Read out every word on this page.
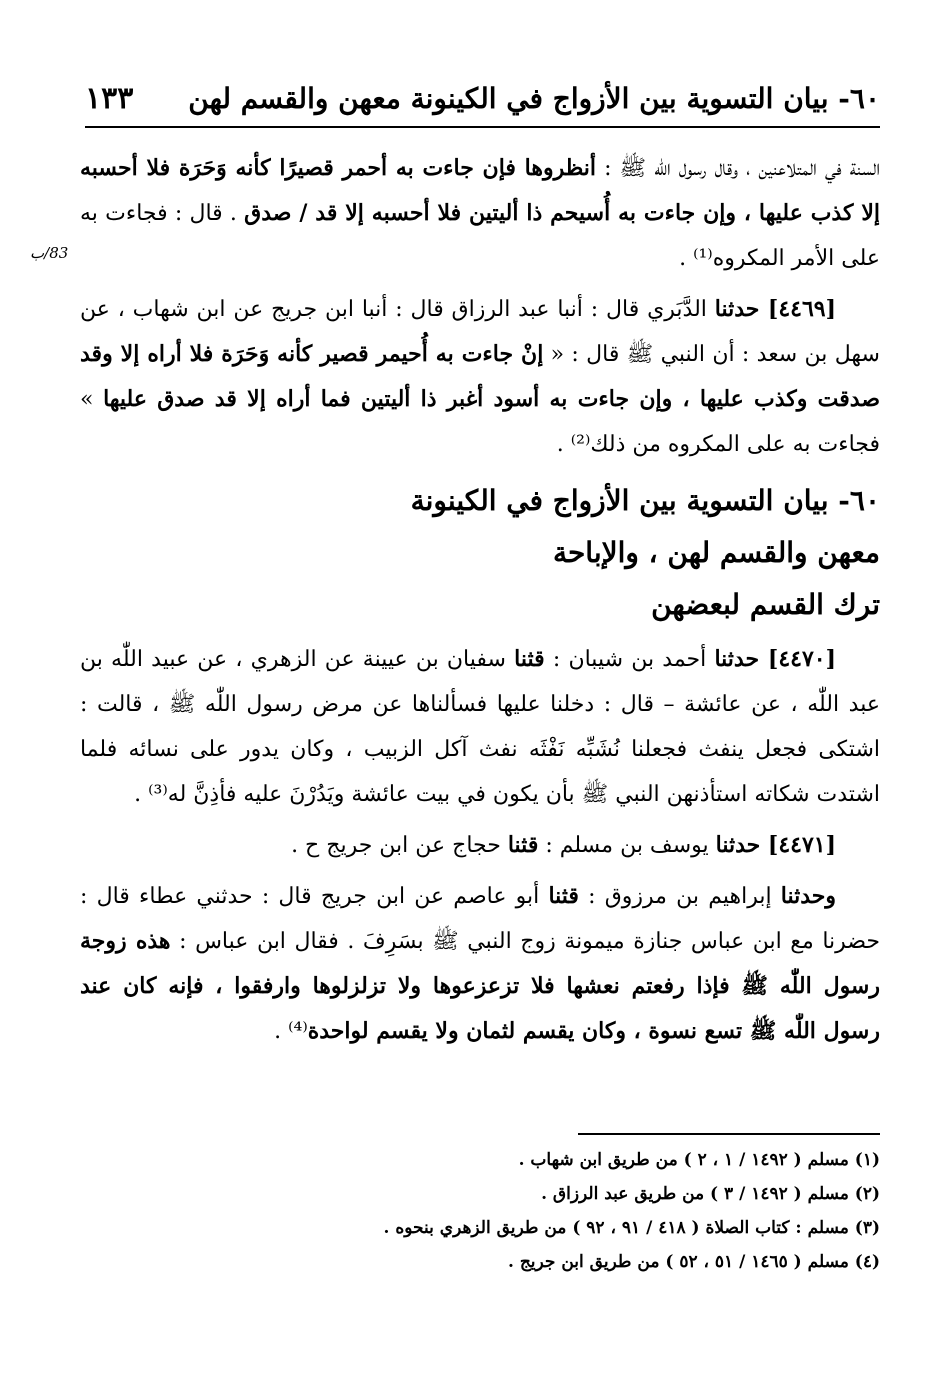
٦٠- بيان التسوية بين الأزواج في الكينونة معهن والقسم لهن
١٣٣
83/ب

السنة في المتلاعنين ، وقال رسول اللّٰه ﷺ : أنظروها فإن جاءت به أحمر قصيرًا كأنه وَحَرَة فلا أحسبه إلا كذب عليها ، وإن جاءت به أُسيحم ذا أليتين فلا أحسبه إلا قد / صدق . قال : فجاءت به على الأمر المكروه⁽¹⁾ .

[٤٤٦٩] حدثنا الدَّبَري قال : أنبا عبد الرزاق قال : أنبا ابن جريج عن ابن شهاب ، عن سهل بن سعد : أن النبي ﷺ قال : « إنْ جاءت به أُحيمر قصير كأنه وَحَرَة فلا أراه إلا وقد صدقت وكذب عليها ، وإن جاءت به أسود أغبر ذا أليتين فما أراه إلا قد صدق عليها » فجاءت به على المكروه من ذلك⁽²⁾ .

٦٠- بيان التسوية بين الأزواج في الكينونة
معهن والقسم لهن ، والإباحة
ترك القسم لبعضهن

[٤٤٧٠] حدثنا أحمد بن شيبان : قثنا سفيان بن عيينة عن الزهري ، عن عبيد اللّٰه بن عبد اللّٰه ، عن عائشة – قال : دخلنا عليها فسألناها عن مرض رسول اللّٰه ﷺ ، قالت : اشتكى فجعل ينفث فجعلنا نُشَبِّه نَفْثَه نفث آكل الزبيب ، وكان يدور على نسائه فلما اشتدت شكاته استأذنهن النبي ﷺ بأن يكون في بيت عائشة ويَدُرْنَ عليه فأذِنَّ له⁽³⁾ .

[٤٤٧١] حدثنا يوسف بن مسلم : قثنا حجاج عن ابن جريج ح .

وحدثنا إبراهيم بن مرزوق : قثنا أبو عاصم عن ابن جريج قال : حدثني عطاء قال : حضرنا مع ابن عباس جنازة ميمونة زوج النبي ﷺ بسَرِفَ . فقال ابن عباس : هذه زوجة رسول اللّٰه ﷺ فإذا رفعتم نعشها فلا تزعزعوها ولا تزلزلوها وارفقوا ، فإنه كان عند رسول اللّٰه ﷺ تسع نسوة ، وكان يقسم لثمان ولا يقسم لواحدة⁽⁴⁾ .

(١) مسلم ( ١٤٩٢ / ١ ، ٢ ) من طريق ابن شهاب .
(٢) مسلم ( ١٤٩٢ / ٣ ) من طريق عبد الرزاق .
(٣) مسلم : كتاب الصلاة ( ٤١٨ / ٩١ ، ٩٢ ) من طريق الزهري بنحوه .
(٤) مسلم ( ١٤٦٥ / ٥١ ، ٥٢ ) من طريق ابن جريج .
